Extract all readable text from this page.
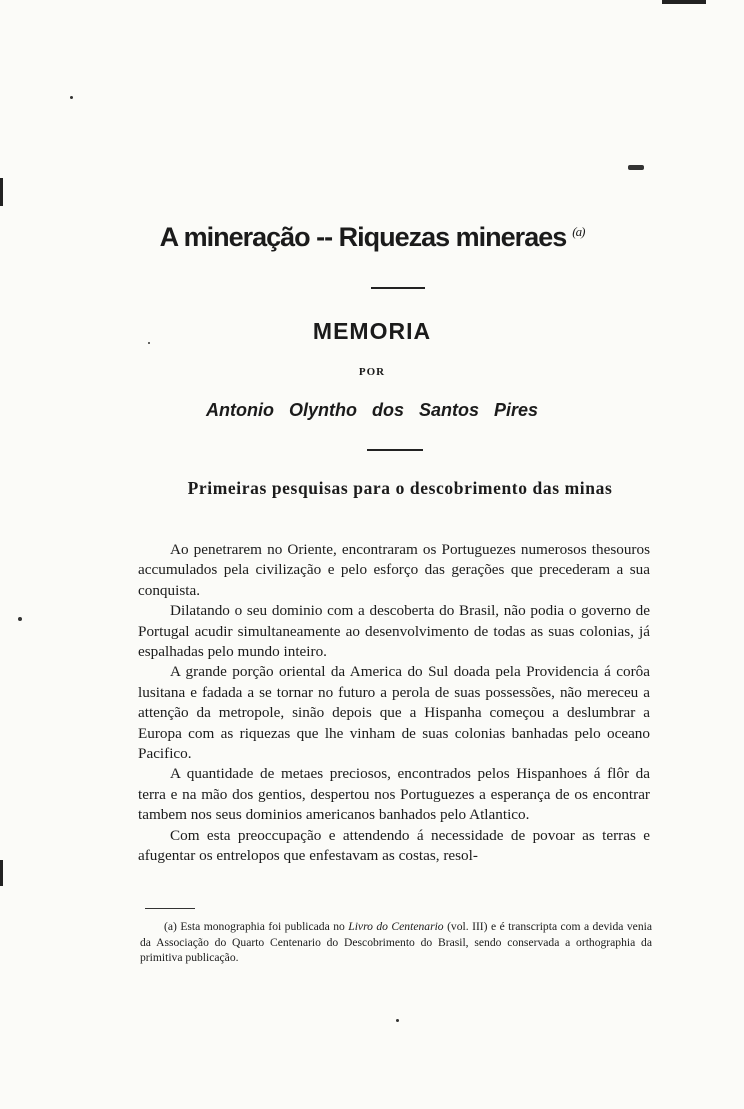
A mineração -- Riquezas mineraes $^{(a)}$
MEMORIA
POR
Antonio Olyntho dos Santos Pires
Primeiras pesquisas para o descobrimento das minas

Ao penetrarem no Oriente, encontraram os Portuguezes numerosos thesouros accumulados pela civilização e pelo esforço das gerações que precederam a sua conquista.

Dilatando o seu dominio com a descoberta do Brasil, não podia o governo de Portugal acudir simultaneamente ao desenvolvimento de todas as suas colonias, já espalhadas pelo mundo inteiro.

A grande porção oriental da America do Sul doada pela Providencia á corôa lusitana e fadada a se tornar no futuro a perola de suas possessões, não mereceu a attenção da metropole, sinão depois que a Hispanha começou a deslumbrar a Europa com as riquezas que lhe vinham de suas colonias banhadas pelo oceano Pacifico.

A quantidade de metaes preciosos, encontrados pelos Hispanhoes á flôr da terra e na mão dos gentios, despertou nos Portuguezes a esperança de os encontrar tambem nos seus dominios americanos banhados pelo Atlantico.

Com esta preoccupação e attendendo á necessidade de povoar as terras e afugentar os entrelopos que enfestavam as costas, resol-

(a) Esta monographia foi publicada no Livro do Centenario (vol. III) e é transcripta com a devida venia da Associação do Quarto Centenario do Descobrimento do Brasil, sendo conservada a orthographia da primitiva publicação.
